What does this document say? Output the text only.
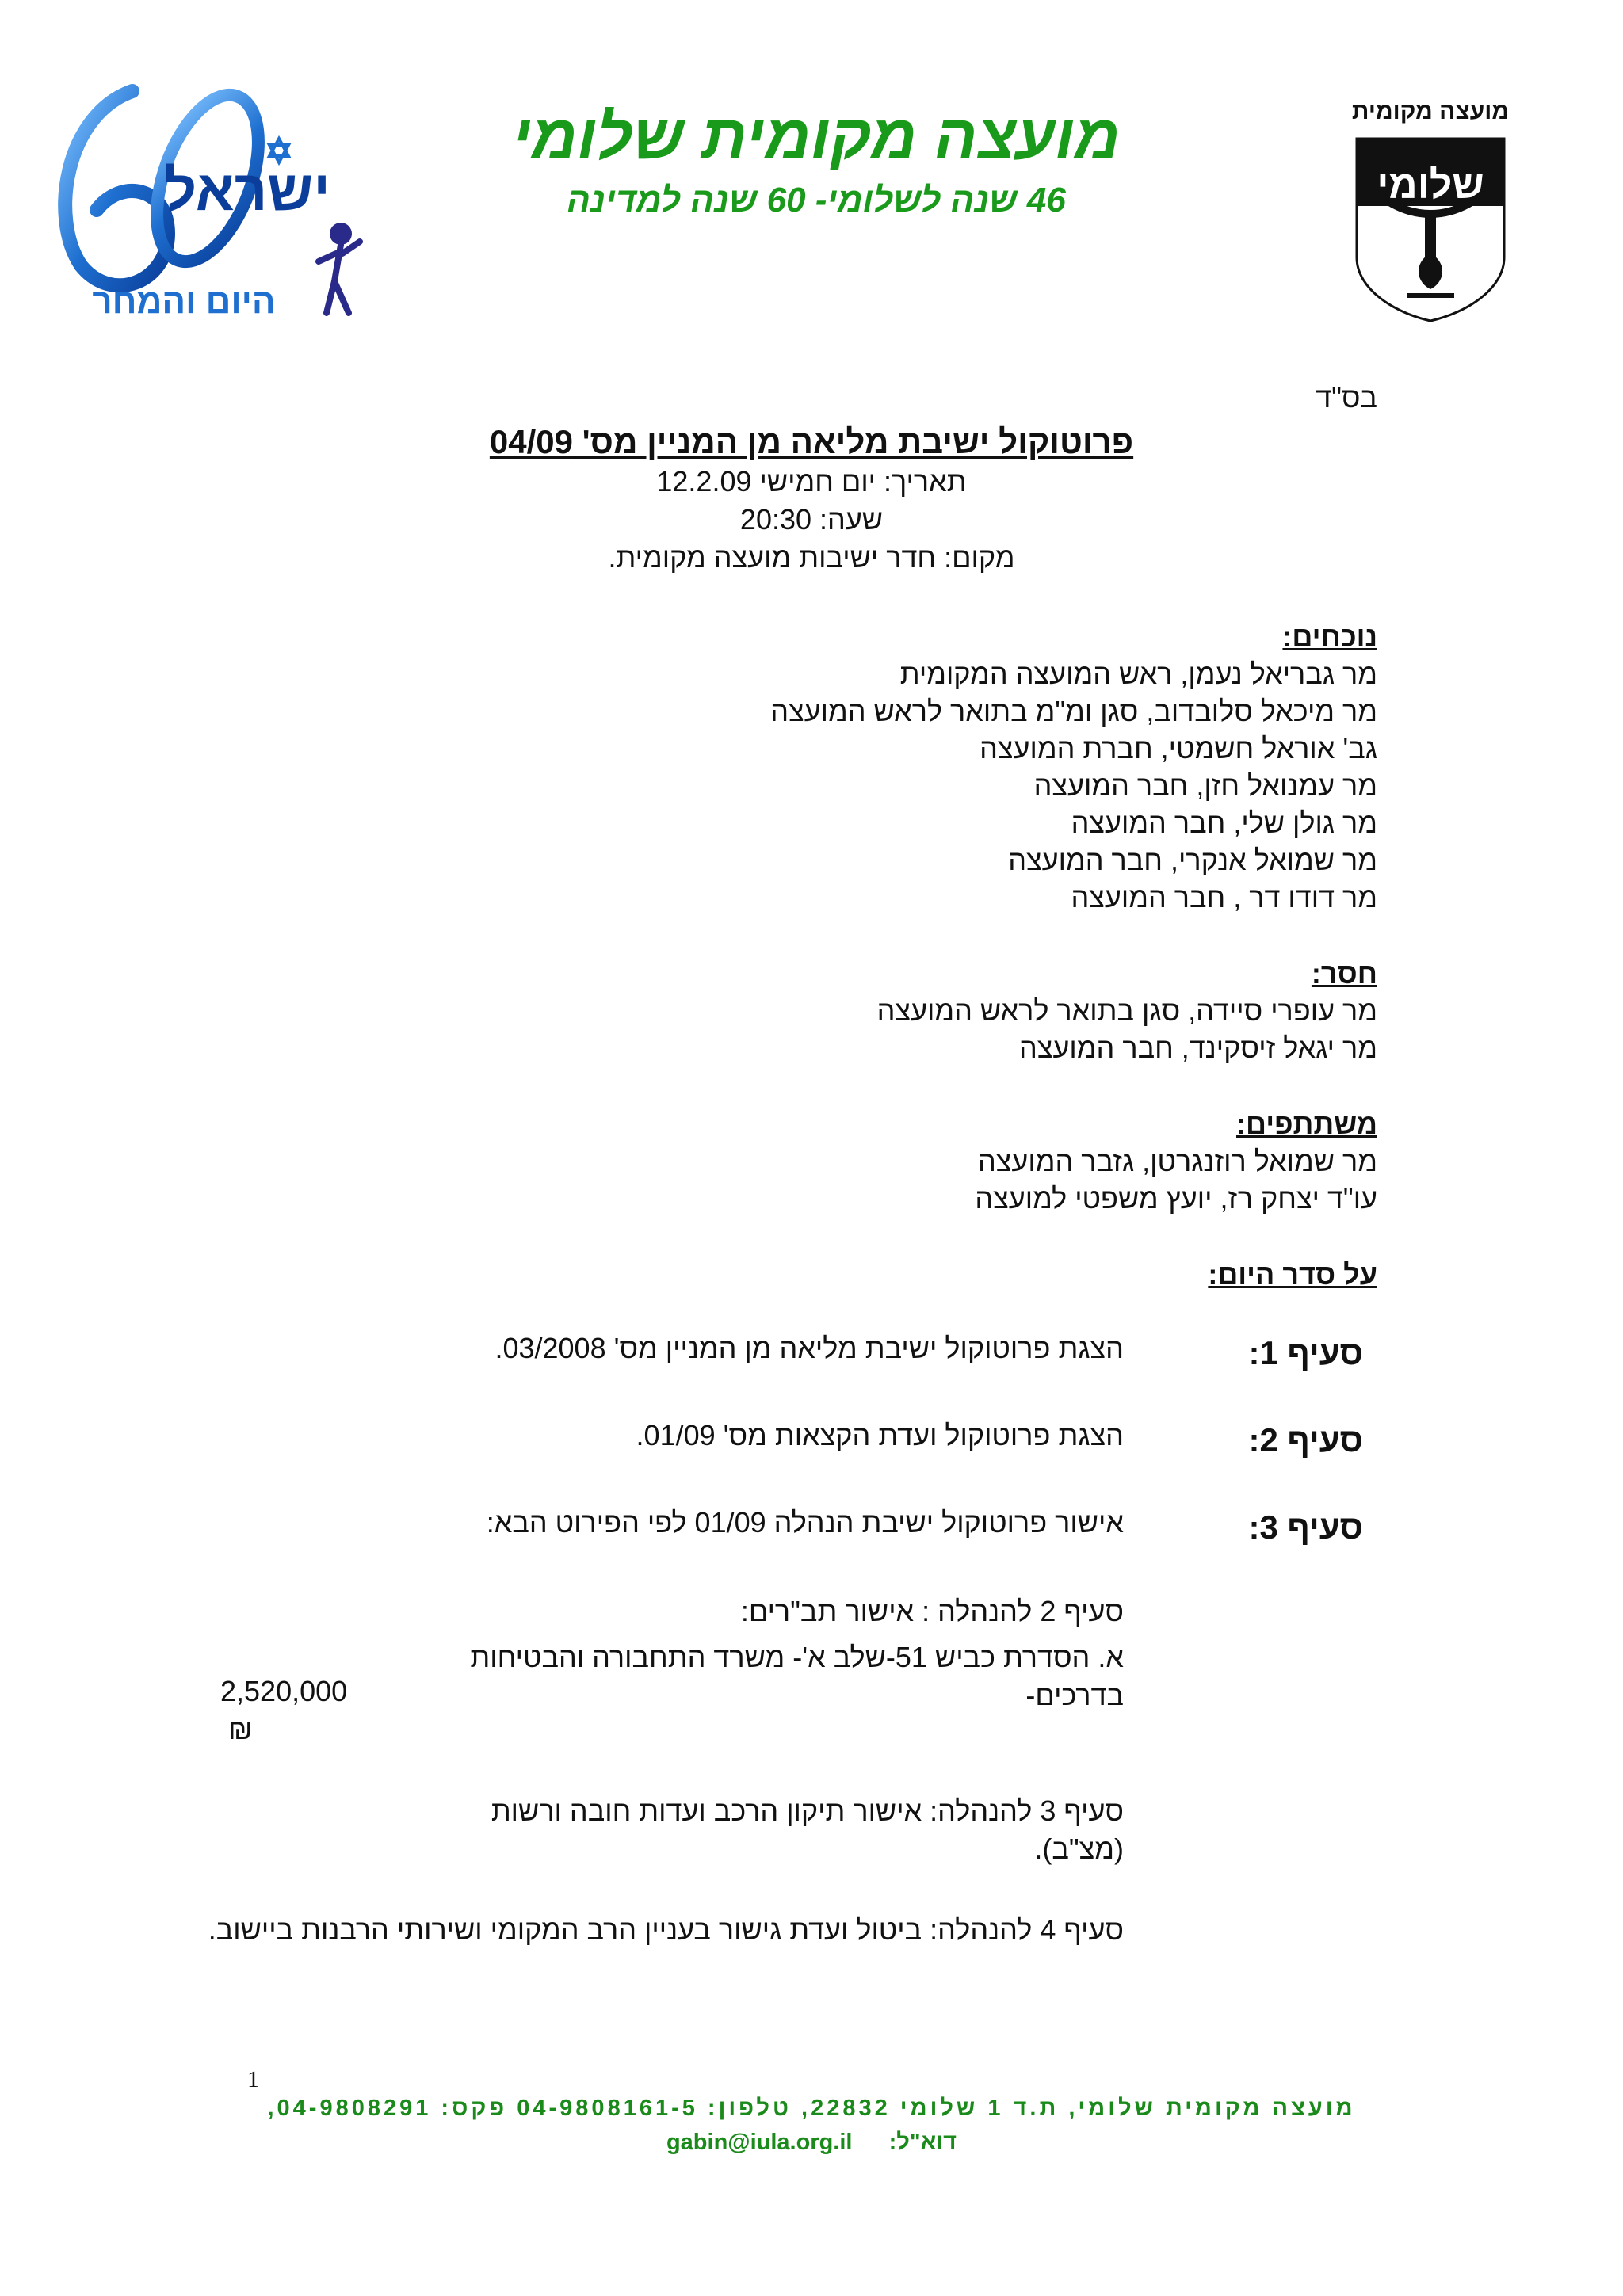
ישראל
היום והמחר
מועצה מקומית שלומי
46 שנה לשלומי- 60 שנה למדינה
מועצה מקומית
שלומי
בס"ד
פרוטוקול ישיבת מליאה מן המניין מס' 04/09
תאריך: יום חמישי 12.2.09
שעה: 20:30
מקום: חדר ישיבות מועצה מקומית.
נוכחים:
מר גבריאל נעמן, ראש המועצה המקומית
מר מיכאל סלובדוב, סגן ומ"מ בתואר לראש המועצה
גב' אוראל חשמטי, חברת המועצה
מר עמנואל חזן, חבר המועצה
מר גולן שלי, חבר המועצה
מר שמואל אנקרי, חבר המועצה
מר דודו דר , חבר המועצה
חסר:
מר עופרי סיידה, סגן בתואר לראש המועצה
מר יגאל זיסקינד, חבר המועצה
משתתפים:
מר שמואל רוזנגרטן, גזבר המועצה
עו"ד יצחק רז, יועץ משפטי למועצה
על סדר היום:
סעיף 1:
הצגת פרוטוקול ישיבת מליאה מן המניין מס' 03/2008.
סעיף 2:
הצגת פרוטוקול ועדת הקצאות מס' 01/09.
סעיף 3:
אישור פרוטוקול ישיבת הנהלה 01/09 לפי הפירוט הבא:
סעיף 2 להנהלה : אישור תב"רים:
א. הסדרת כביש 51-שלב א'- משרד התחבורה והבטיחות בדרכים-
2,520,000
₪
סעיף 3 להנהלה: אישור תיקון הרכב ועדות חובה ורשות (מצ"ב).
סעיף 4 להנהלה: ביטול ועדת גישור בעניין הרב המקומי ושירותי הרבנות ביישוב.
1
מועצה מקומית שלומי, ת.ד 1 שלומי 22832, טלפון: 04-9808161-5 פקס: 04-9808291,
gabin@iula.org.il דוא"ל:
